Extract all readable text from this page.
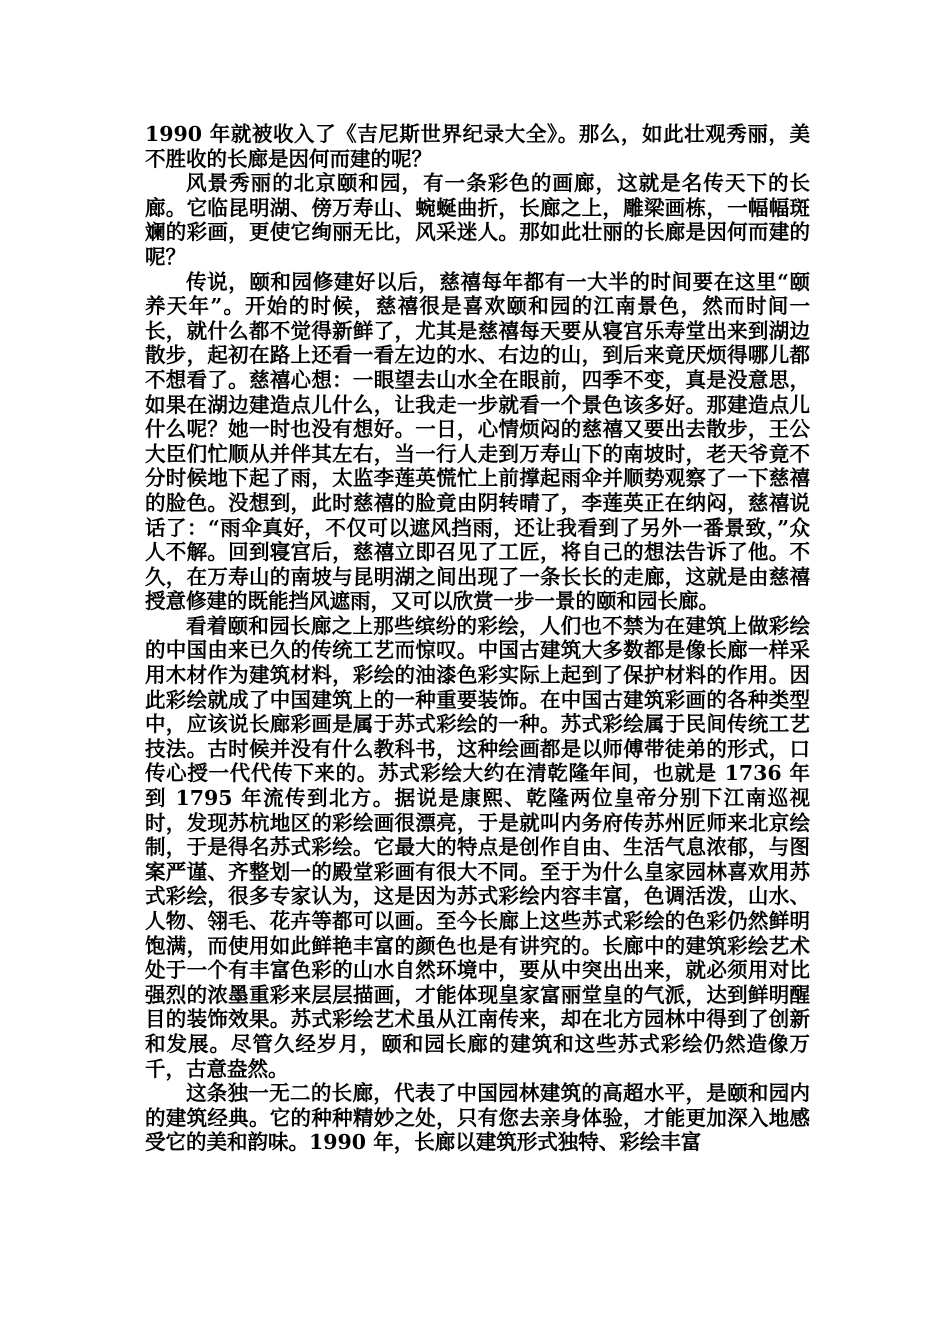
1990 年就被收入了《吉尼斯世界纪录大全》。那么，如此壮观秀丽，美不胜收的长廊是因何而建的呢？

风景秀丽的北京颐和园，有一条彩色的画廊，这就是名传天下的长廊。它临昆明湖、傍万寿山、蜿蜒曲折，长廊之上，雕梁画栋，一幅幅斑斓的彩画，更使它绚丽无比，风采迷人。那如此壮丽的长廊是因何而建的呢？

传说，颐和园修建好以后，慈禧每年都有一大半的时间要在这里“颐养天年”。开始的时候，慈禧很是喜欢颐和园的江南景色，然而时间一长，就什么都不觉得新鲜了，尤其是慈禧每天要从寝宫乐寿堂出来到湖边散步，起初在路上还看一看左边的水、右边的山，到后来竟厌烦得哪儿都不想看了。慈禧心想：一眼望去山水全在眼前，四季不变，真是没意思，如果在湖边建造点儿什么，让我走一步就看一个景色该多好。那建造点儿什么呢？她一时也没有想好。一日，心情烦闷的慈禧又要出去散步，王公大臣们忙顺从并伴其左右，当一行人走到万寿山下的南坡时，老天爷竟不分时候地下起了雨，太监李莲英慌忙上前撑起雨伞并顺势观察了一下慈禧的脸色。没想到，此时慈禧的脸竟由阴转晴了，李莲英正在纳闷，慈禧说话了：“雨伞真好，不仅可以遮风挡雨，还让我看到了另外一番景致，”众人不解。回到寝宫后，慈禧立即召见了工匠，将自己的想法告诉了他。不久，在万寿山的南坡与昆明湖之间出现了一条长长的走廊，这就是由慈禧授意修建的既能挡风遮雨，又可以欣赏一步一景的颐和园长廊。

看着颐和园长廊之上那些缤纷的彩绘，人们也不禁为在建筑上做彩绘的中国由来已久的传统工艺而惊叹。中国古建筑大多数都是像长廊一样采用木材作为建筑材料，彩绘的油漆色彩实际上起到了保护材料的作用。因此彩绘就成了中国建筑上的一种重要装饰。在中国古建筑彩画的各种类型中，应该说长廊彩画是属于苏式彩绘的一种。苏式彩绘属于民间传统工艺技法。古时候并没有什么教科书，这种绘画都是以师傅带徒弟的形式，口传心授一代代传下来的。苏式彩绘大约在清乾隆年间，也就是 1736 年到 1795 年流传到北方。据说是康熙、乾隆两位皇帝分别下江南巡视时，发现苏杭地区的彩绘画很漂亮，于是就叫内务府传苏州匠师来北京绘制，于是得名苏式彩绘。它最大的特点是创作自由、生活气息浓郁，与图案严谨、齐整划一的殿堂彩画有很大不同。至于为什么皇家园林喜欢用苏式彩绘，很多专家认为，这是因为苏式彩绘内容丰富，色调活泼，山水、人物、翎毛、花卉等都可以画。至今长廊上这些苏式彩绘的色彩仍然鲜明饱满，而使用如此鲜艳丰富的颜色也是有讲究的。长廊中的建筑彩绘艺术处于一个有丰富色彩的山水自然环境中，要从中突出出来，就必须用对比强烈的浓墨重彩来层层描画，才能体现皇家富丽堂皇的气派，达到鲜明醒目的装饰效果。苏式彩绘艺术虽从江南传来，却在北方园林中得到了创新和发展。尽管久经岁月，颐和园长廊的建筑和这些苏式彩绘仍然造像万千，古意盎然。

这条独一无二的长廊，代表了中国园林建筑的高超水平，是颐和园内的建筑经典。它的种种精妙之处，只有您去亲身体验，才能更加深入地感受它的美和韵味。1990 年，长廊以建筑形式独特、彩绘丰富
